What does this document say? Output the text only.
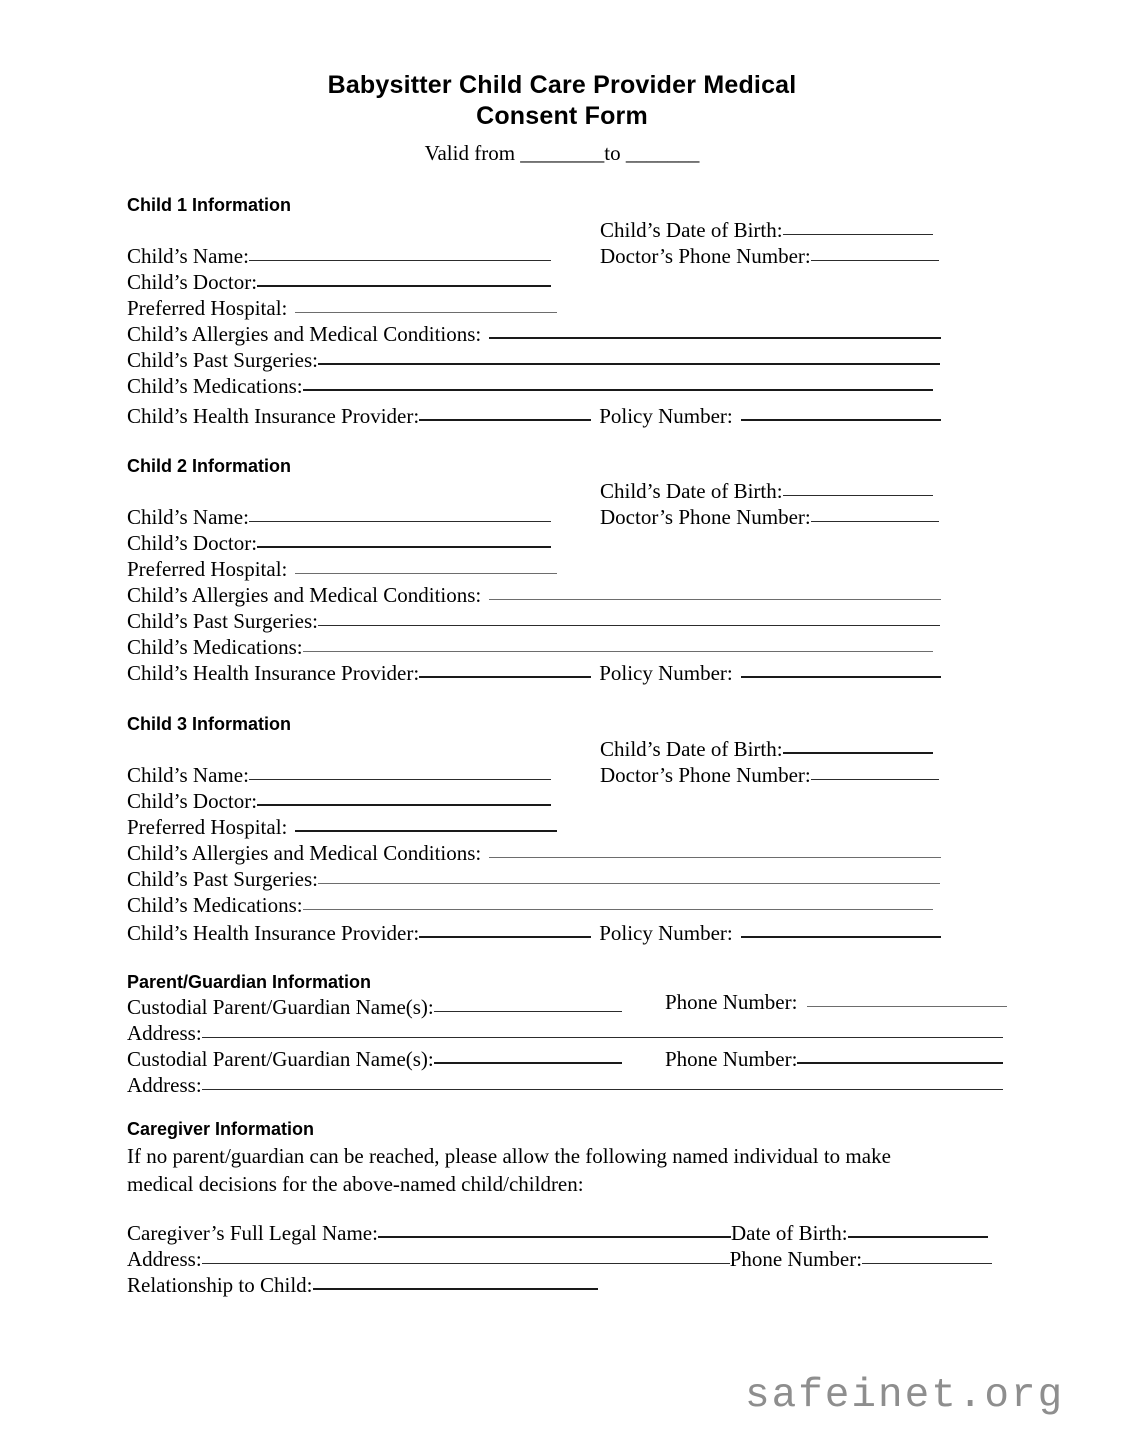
Babysitter Child Care Provider Medical
Consent Form
Valid from ________to _______
Child 1 Information
Child’s Date of Birth:
Doctor’s Phone Number:
Child’s Name:
Child’s Doctor:
Preferred Hospital:
Child’s Allergies and Medical Conditions:
Child’s Past Surgeries:
Child’s Medications:
Child’s Health Insurance Provider:	Policy Number:
Child 2 Information
Child’s Date of Birth:
Doctor’s Phone Number:
Child’s Name:
Child’s Doctor:
Preferred Hospital:
Child’s Allergies and Medical Conditions:
Child’s Past Surgeries:
Child’s Medications:
Child’s Health Insurance Provider:	Policy Number:
Child 3 Information
Child’s Date of Birth:
Doctor’s Phone Number:
Child’s Name:
Child’s Doctor:
Preferred Hospital:
Child’s Allergies and Medical Conditions:
Child’s Past Surgeries:
Child’s Medications:
Child’s Health Insurance Provider:	Policy Number:
Parent/Guardian Information
Custodial Parent/Guardian Name(s):	Phone Number:
Address:
Custodial Parent/Guardian Name(s):	Phone Number:
Address:
Caregiver Information
If no parent/guardian can be reached, please allow the following named individual to make medical decisions for the above-named child/children:
Caregiver’s Full Legal Name:	Date of Birth:
Address:	Phone Number:
Relationship to Child:
safeinet.org
